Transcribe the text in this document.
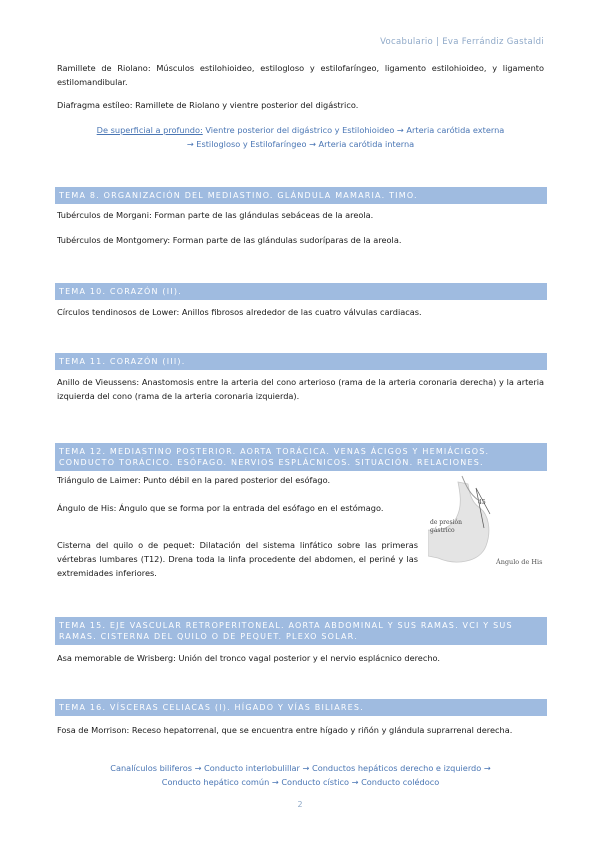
Vocabulario | Eva Ferrándiz Gastaldi
Ramillete de Riolano: Músculos estilohioideo, estilogloso y estilofaríngeo, ligamento estilohioideo, y ligamento estilomandibular.
Diafragma estíleo: Ramillete de Riolano y vientre posterior del digástrico.
De superficial a profundo: Vientre posterior del digástrico y Estilohioideo → Arteria carótida externa
→ Estilogloso y Estilofaríngeo → Arteria carótida interna
TEMA 8. ORGANIZACIÓN DEL MEDIASTINO. GLÁNDULA MAMARIA. TIMO.
Tubérculos de Morgani: Forman parte de las glándulas sebáceas de la areola.
Tubérculos de Montgomery: Forman parte de las glándulas sudoríparas de la areola.
TEMA 10. CORAZÓN (II).
Círculos tendinosos de Lower: Anillos fibrosos alrededor de las cuatro válvulas cardiacas.
TEMA 11. CORAZÓN (III).
Anillo de Vieussens: Anastomosis entre la arteria del cono arterioso (rama de la arteria coronaria derecha) y la arteria izquierda del cono (rama de la arteria coronaria izquierda).
TEMA 12. MEDIASTINO POSTERIOR. AORTA TORÁCICA. VENAS ÁCIGOS Y HEMIÁCIGOS.
CONDUCTO TORÁCICO. ESÓFAGO. NERVIOS ESPLÁCNICOS. SITUACIÓN. RELACIONES.
Triángulo de Laimer: Punto débil en la pared posterior del esófago.
Ángulo de His: Ángulo que se forma por la entrada del esófago en el estómago.
Cisterna del quilo o de pequet: Dilatación del sistema linfático sobre las primeras vértebras lumbares (T12). Drena toda la linfa procedente del abdomen, el periné y las extremidades inferiores.
45
de presión
gástrico
Ángulo de His
TEMA 15. EJE VASCULAR RETROPERITONEAL. AORTA ABDOMINAL Y SUS RAMAS. VCI Y SUS
RAMAS. CISTERNA DEL QUILO O DE PEQUET. PLEXO SOLAR.
Asa memorable de Wrisberg: Unión del tronco vagal posterior y el nervio esplácnico derecho.
TEMA 16. VÍSCERAS CELIACAS (I). HÍGADO Y VÍAS BILIARES.
Fosa de Morrison: Receso hepatorrenal, que se encuentra entre hígado y riñón y glándula suprarrenal derecha.
Canalículos biliferos → Conducto interlobulillar → Conductos hepáticos derecho e izquierdo →
Conducto hepático común → Conducto cístico → Conducto colédoco
2
